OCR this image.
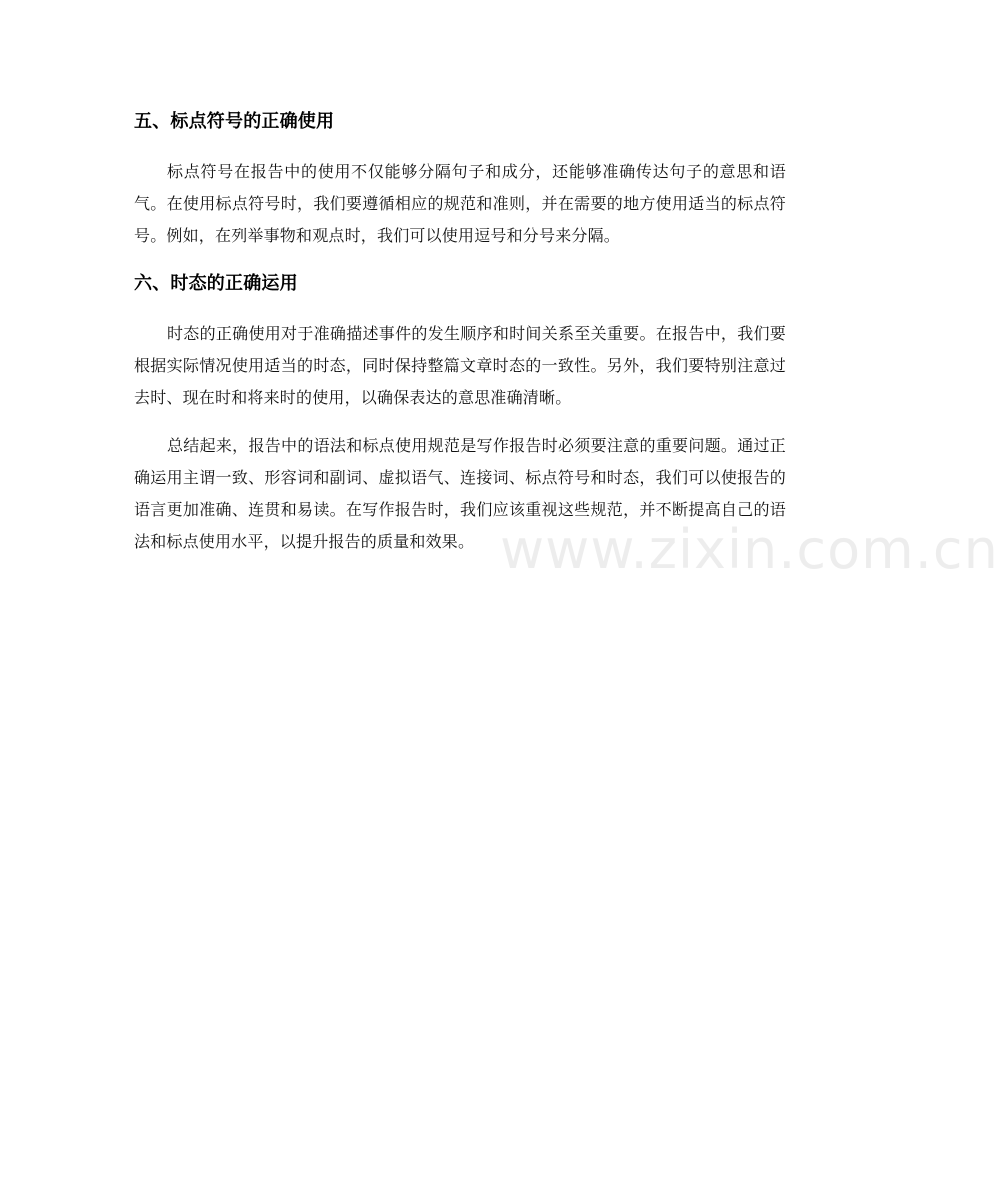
五、标点符号的正确使用

标点符号在报告中的使用不仅能够分隔句子和成分，还能够准确传达句子的意思和语气。在使用标点符号时，我们要遵循相应的规范和准则，并在需要的地方使用适当的标点符号。例如，在列举事物和观点时，我们可以使用逗号和分号来分隔。

六、时态的正确运用

时态的正确使用对于准确描述事件的发生顺序和时间关系至关重要。在报告中，我们要根据实际情况使用适当的时态，同时保持整篇文章时态的一致性。另外，我们要特别注意过去时、现在时和将来时的使用，以确保表达的意思准确清晰。

总结起来，报告中的语法和标点使用规范是写作报告时必须要注意的重要问题。通过正确运用主谓一致、形容词和副词、虚拟语气、连接词、标点符号和时态，我们可以使报告的语言更加准确、连贯和易读。在写作报告时，我们应该重视这些规范，并不断提高自己的语法和标点使用水平，以提升报告的质量和效果。 www.zixin.com.cn
